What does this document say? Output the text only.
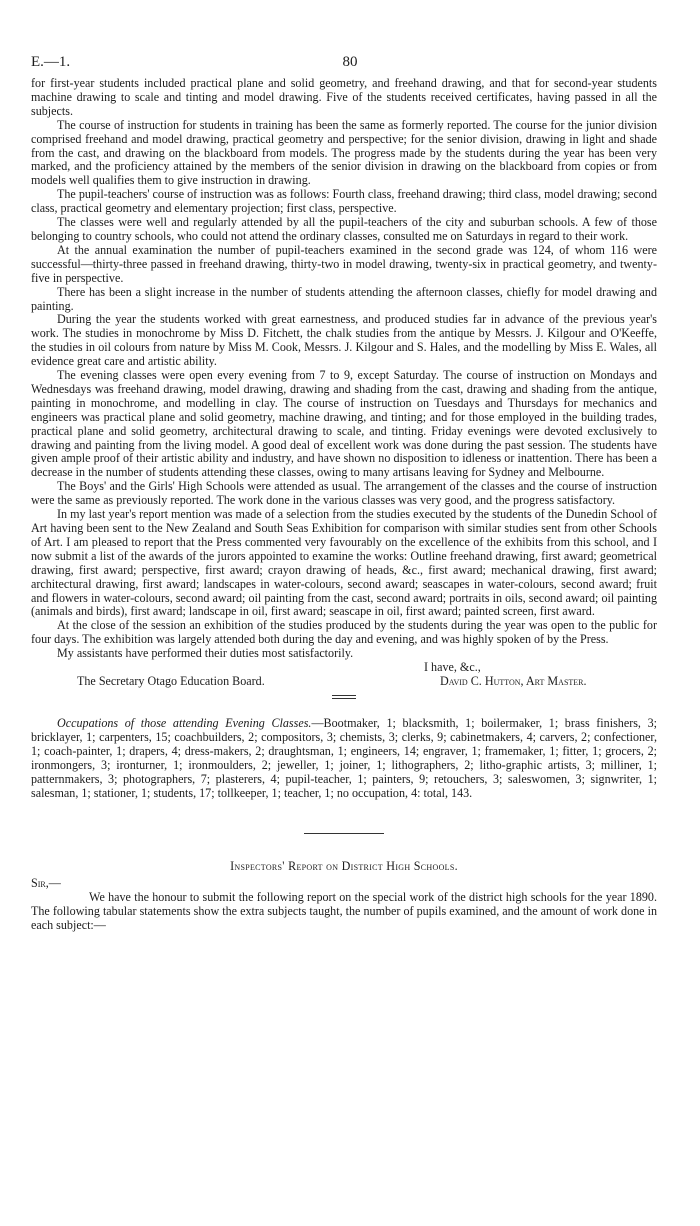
E.—1.	80

for first-year students included practical plane and solid geometry, and freehand drawing, and that for second-year students machine drawing to scale and tinting and model drawing. Five of the students received certificates, having passed in all the subjects.

The course of instruction for students in training has been the same as formerly reported. The course for the junior division comprised freehand and model drawing, practical geometry and perspective; for the senior division, drawing in light and shade from the cast, and drawing on the blackboard from models. The progress made by the students during the year has been very marked, and the proficiency attained by the members of the senior division in drawing on the blackboard from copies or from models well qualifies them to give instruction in drawing.

The pupil-teachers' course of instruction was as follows: Fourth class, freehand drawing; third class, model drawing; second class, practical geometry and elementary projection; first class, perspective.

The classes were well and regularly attended by all the pupil-teachers of the city and suburban schools. A few of those belonging to country schools, who could not attend the ordinary classes, consulted me on Saturdays in regard to their work.

At the annual examination the number of pupil-teachers examined in the second grade was 124, of whom 116 were successful—thirty-three passed in freehand drawing, thirty-two in model drawing, twenty-six in practical geometry, and twenty-five in perspective.

There has been a slight increase in the number of students attending the afternoon classes, chiefly for model drawing and painting.

During the year the students worked with great earnestness, and produced studies far in advance of the previous year's work. The studies in monochrome by Miss D. Fitchett, the chalk studies from the antique by Messrs. J. Kilgour and O'Keeffe, the studies in oil colours from nature by Miss M. Cook, Messrs. J. Kilgour and S. Hales, and the modelling by Miss E. Wales, all evidence great care and artistic ability.

The evening classes were open every evening from 7 to 9, except Saturday. The course of instruction on Mondays and Wednesdays was freehand drawing, model drawing, drawing and shading from the cast, drawing and shading from the antique, painting in monochrome, and modelling in clay. The course of instruction on Tuesdays and Thursdays for mechanics and engineers was practical plane and solid geometry, machine drawing, and tinting; and for those employed in the building trades, practical plane and solid geometry, architectural drawing to scale, and tinting. Friday evenings were devoted exclusively to drawing and painting from the living model. A good deal of excellent work was done during the past session. The students have given ample proof of their artistic ability and industry, and have shown no disposition to idleness or inattention. There has been a decrease in the number of students attending these classes, owing to many artisans leaving for Sydney and Melbourne.

The Boys' and the Girls' High Schools were attended as usual. The arrangement of the classes and the course of instruction were the same as previously reported. The work done in the various classes was very good, and the progress satisfactory.

In my last year's report mention was made of a selection from the studies executed by the students of the Dunedin School of Art having been sent to the New Zealand and South Seas Exhibition for comparison with similar studies sent from other Schools of Art. I am pleased to report that the Press commented very favourably on the excellence of the exhibits from this school, and I now submit a list of the awards of the jurors appointed to examine the works: Outline freehand drawing, first award; geometrical drawing, first award; perspective, first award; crayon drawing of heads, &c., first award; mechanical drawing, first award; architectural drawing, first award; landscapes in water-colours, second award; seascapes in water-colours, second award; fruit and flowers in water-colours, second award; oil painting from the cast, second award; portraits in oils, second award; oil painting (animals and birds), first award; landscape in oil, first award; seascape in oil, first award; painted screen, first award.

At the close of the session an exhibition of the studies produced by the students during the year was open to the public for four days. The exhibition was largely attended both during the day and evening, and was highly spoken of by the Press.

My assistants have performed their duties most satisfactorily.

I have, &c.,
The Secretary Otago Education Board.	David C. Hutton, Art Master.

Occupations of those attending Evening Classes.—Bootmaker, 1; blacksmith, 1; boilermaker, 1; brass finishers, 3; bricklayer, 1; carpenters, 15; coachbuilders, 2; compositors, 3; chemists, 3; clerks, 9; cabinetmakers, 4; carvers, 2; confectioner, 1; coach-painter, 1; drapers, 4; dress-makers, 2; draughtsman, 1; engineers, 14; engraver, 1; framemaker, 1; fitter, 1; grocers, 2; ironmongers, 3; ironturner, 1; ironmoulders, 2; jeweller, 1; joiner, 1; lithographers, 2; litho-graphic artists, 3; milliner, 1; patternmakers, 3; photographers, 7; plasterers, 4; pupil-teacher, 1; painters, 9; retouchers, 3; saleswomen, 3; signwriter, 1; salesman, 1; stationer, 1; students, 17; tollkeeper, 1; teacher, 1; no occupation, 4: total, 143.

Inspectors' Report on District High Schools.
Sir,—

We have the honour to submit the following report on the special work of the district high schools for the year 1890. The following tabular statements show the extra subjects taught, the number of pupils examined, and the amount of work done in each subject:—
